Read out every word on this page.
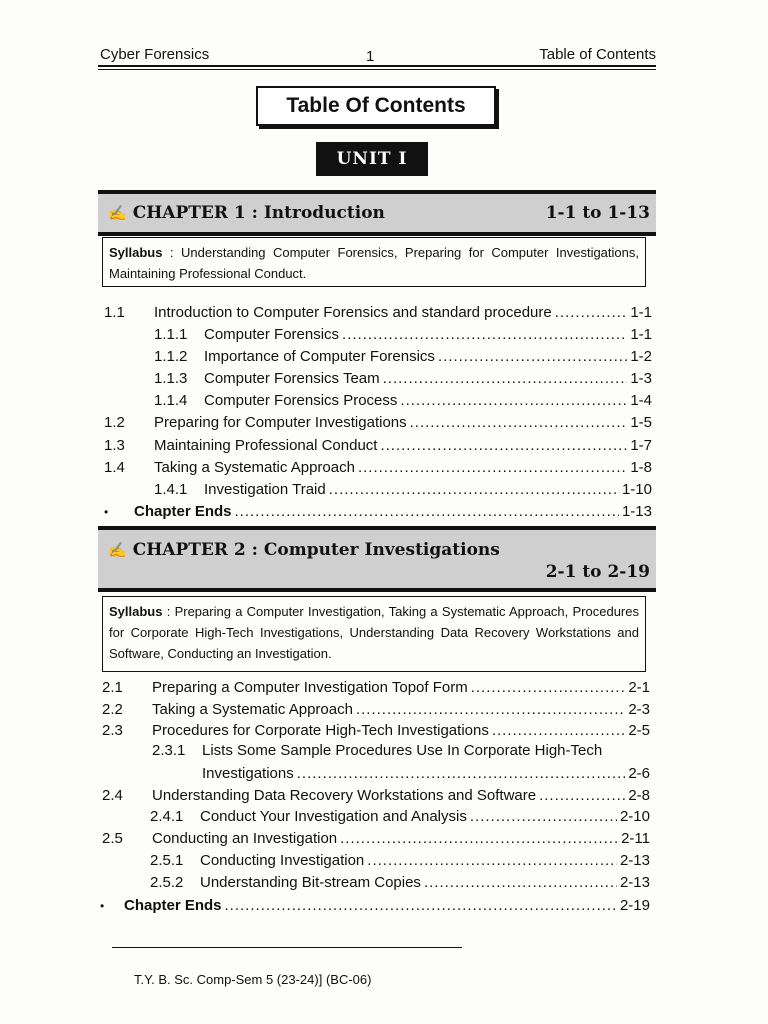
Cyber Forensics	1	Table of Contents
Table Of Contents
UNIT I
✍ CHAPTER 1 : Introduction	1-1 to 1-13
Syllabus : Understanding Computer Forensics, Preparing for Computer Investigations, Maintaining Professional Conduct.
1.1	Introduction to Computer Forensics and standard procedure .....	1-1
1.1.1	Computer Forensics .....	1-1
1.1.2	Importance of Computer Forensics .....	1-2
1.1.3	Computer Forensics Team .....	1-3
1.1.4	Computer Forensics Process .....	1-4
1.2	Preparing for Computer Investigations .....	1-5
1.3	Maintaining Professional Conduct .....	1-7
1.4	Taking a Systematic Approach .....	1-8
1.4.1	Investigation Traid .....	1-10
•	Chapter Ends .....	1-13
✍ CHAPTER 2 : Computer Investigations
2-1 to 2-19
Syllabus : Preparing a Computer Investigation, Taking a Systematic Approach, Procedures for Corporate High-Tech Investigations, Understanding Data Recovery Workstations and Software, Conducting an Investigation.
2.1	Preparing a Computer Investigation Topof Form .....	2-1
2.2	Taking a Systematic Approach .....	2-3
2.3	Procedures for Corporate High-Tech Investigations .....	2-5
2.3.1	Lists Some Sample Procedures Use In Corporate High-Tech
Investigations .....	2-6
2.4	Understanding Data Recovery Workstations and Software .....	2-8
2.4.1	Conduct Your Investigation and Analysis .....	2-10
2.5	Conducting an Investigation .....	2-11
2.5.1	Conducting Investigation .....	2-13
2.5.2	Understanding Bit-stream Copies .....	2-13
•	Chapter Ends .....	2-19
T.Y. B. Sc. Comp-Sem 5 (23-24)] (BC-06)
